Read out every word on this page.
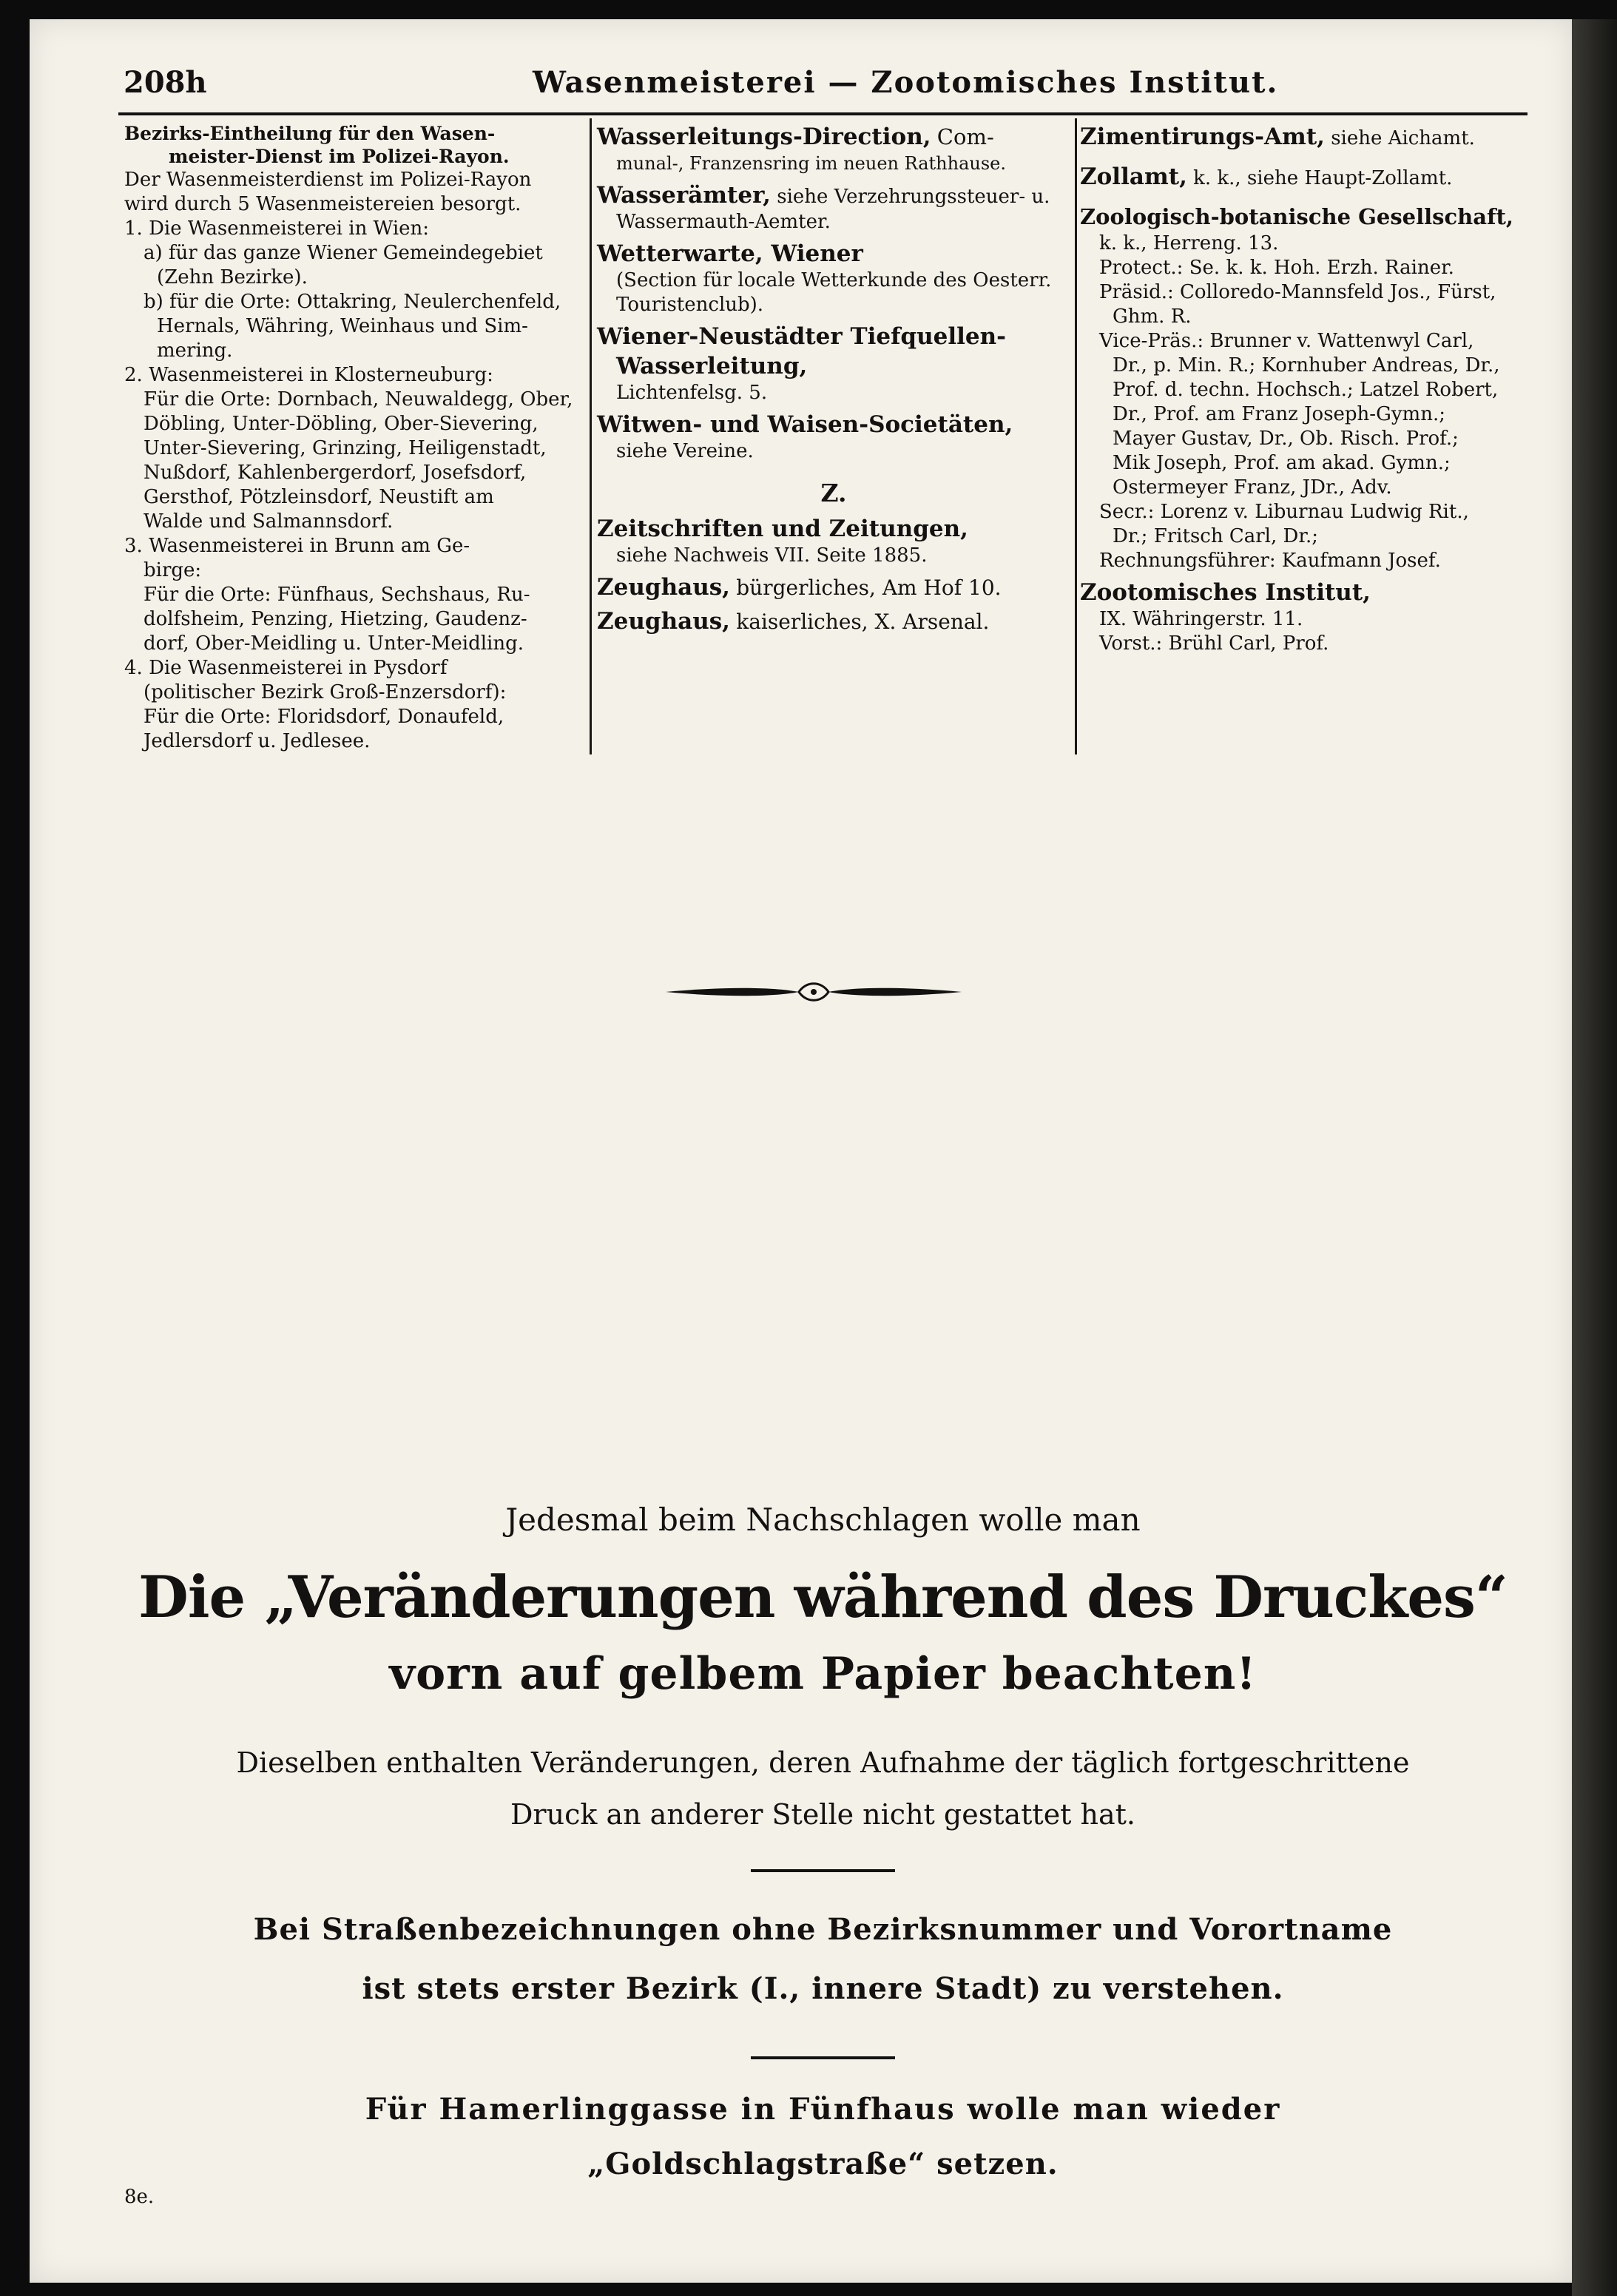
208h	Wasenmeisterei — Zootomisches Institut.
Bezirks-Eintheilung für den Wasen-
meister-Dienst im Polizei-Rayon.
Der Wasenmeisterdienst im Polizei-Rayon
wird durch 5 Wasenmeistereien besorgt.
1. Die Wasenmeisterei in Wien:
a) für das ganze Wiener Gemeindegebiet
(Zehn Bezirke).
b) für die Orte: Ottakring, Neulerchenfeld,
Hernals, Währing, Weinhaus und Sim-
mering.
2. Wasenmeisterei in Klosterneuburg:
Für die Orte: Dornbach, Neuwaldegg, Ober,
Döbling, Unter-Döbling, Ober-Sievering,
Unter-Sievering, Grinzing, Heiligenstadt,
Nußdorf, Kahlenbergerdorf, Josefsdorf,
Gersthof, Pötzleinsdorf, Neustift am
Walde und Salmannsdorf.
3. Wasenmeisterei in Brunn am Ge-
birge:
Für die Orte: Fünfhaus, Sechshaus, Ru-
dolfsheim, Penzing, Hietzing, Gaudenz-
dorf, Ober-Meidling u. Unter-Meidling.
4. Die Wasenmeisterei in Pysdorf
(politischer Bezirk Groß-Enzersdorf):
Für die Orte: Floridsdorf, Donaufeld,
Jedlersdorf u. Jedlesee.
Wasserleitungs-Direction, Com-
munal-, Franzensring im neuen Rathhause.
Wasserämter, siehe Verzehrungssteuer- u.
Wassermauth-Aemter.
Wetterwarte, Wiener
(Section für locale Wetterkunde des Oesterr.
Touristenclub).
Wiener-Neustädter Tiefquellen-
Wasserleitung,
Lichtenfelsg. 5.
Witwen- und Waisen-Societäten,
siehe Vereine.
Z.
Zeitschriften und Zeitungen,
siehe Nachweis VII. Seite 1885.
Zeughaus, bürgerliches, Am Hof 10.
Zeughaus, kaiserliches, X. Arsenal.
Zimentirungs-Amt, siehe Aichamt.
Zollamt, k. k., siehe Haupt-Zollamt.
Zoologisch-botanische Gesellschaft,
k. k., Herreng. 13.
Protect.: Se. k. k. Hoh. Erzh. Rainer.
Präsid.: Colloredo-Mannsfeld Jos., Fürst,
Ghm. R.
Vice-Präs.: Brunner v. Wattenwyl Carl,
Dr., p. Min. R.; Kornhuber Andreas, Dr.,
Prof. d. techn. Hochsch.; Latzel Robert,
Dr., Prof. am Franz Joseph-Gymn.;
Mayer Gustav, Dr., Ob. Risch. Prof.;
Mik Joseph, Prof. am akad. Gymn.;
Ostermeyer Franz, JDr., Adv.
Secr.: Lorenz v. Liburnau Ludwig Rit.,
Dr.; Fritsch Carl, Dr.;
Rechnungsführer: Kaufmann Josef.
Zootomisches Institut,
IX. Währingerstr. 11.
Vorst.: Brühl Carl, Prof.
Jedesmal beim Nachschlagen wolle man
Die „Veränderungen während des Druckes“
vorn auf gelbem Papier beachten!
Dieselben enthalten Veränderungen, deren Aufnahme der täglich fortgeschrittene
Druck an anderer Stelle nicht gestattet hat.
Bei Straßenbezeichnungen ohne Bezirksnummer und Vorortname
ist stets erster Bezirk (I., innere Stadt) zu verstehen.
Für Hamerlinggasse in Fünfhaus wolle man wieder
„Goldschlagstraße“ setzen.
8e.
